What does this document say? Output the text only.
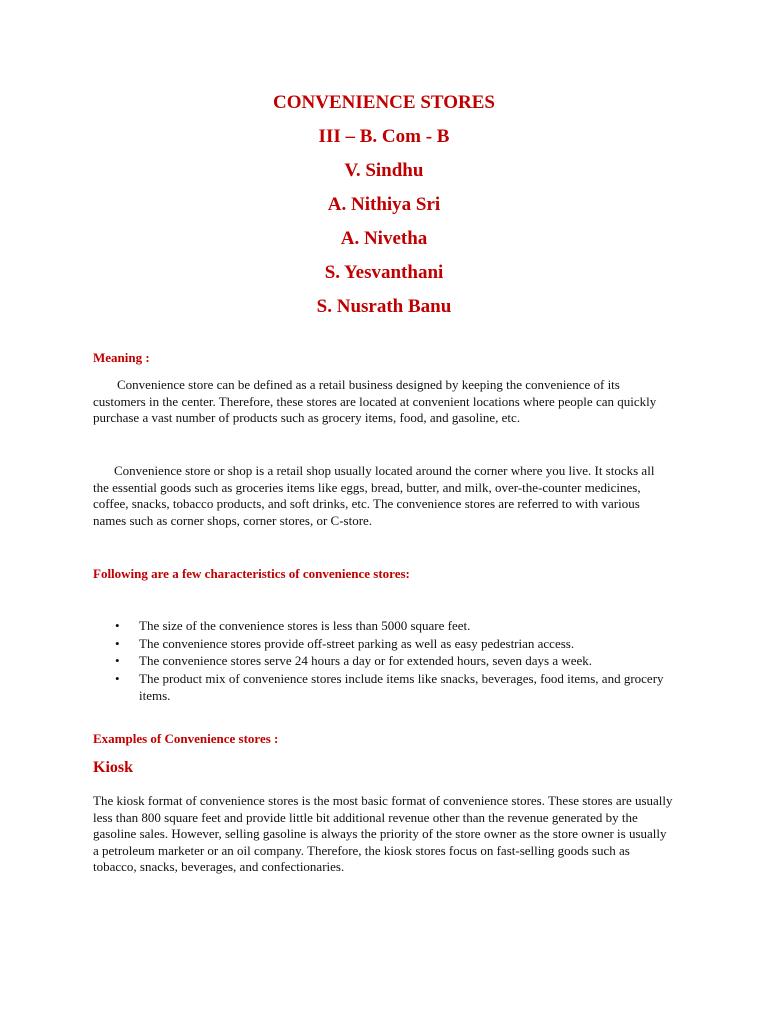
CONVENIENCE STORES

III – B. Com - B

V. Sindhu

A. Nithiya Sri

A. Nivetha

S. Yesvanthani

S. Nusrath Banu

Meaning :

Convenience store can be defined as a retail business designed by keeping the convenience of its customers in the center. Therefore, these stores are located at convenient locations where people can quickly purchase a vast number of products such as grocery items, food, and gasoline, etc.

Convenience store or shop is a retail shop usually located around the corner where you live. It stocks all the essential goods such as groceries items like eggs, bread, butter, and milk, over-the-counter medicines, coffee, snacks, tobacco products, and soft drinks, etc. The convenience stores are referred to with various names such as corner shops, corner stores, or C-store.

Following are a few characteristics of convenience stores:

• The size of the convenience stores is less than 5000 square feet.
• The convenience stores provide off-street parking as well as easy pedestrian access.
• The convenience stores serve 24 hours a day or for extended hours, seven days a week.
• The product mix of convenience stores include items like snacks, beverages, food items, and grocery items.

Examples of Convenience stores :

Kiosk

The kiosk format of convenience stores is the most basic format of convenience stores. These stores are usually less than 800 square feet and provide little bit additional revenue other than the revenue generated by the gasoline sales. However, selling gasoline is always the priority of the store owner as the store owner is usually a petroleum marketer or an oil company. Therefore, the kiosk stores focus on fast-selling goods such as tobacco, snacks, beverages, and confectionaries.
